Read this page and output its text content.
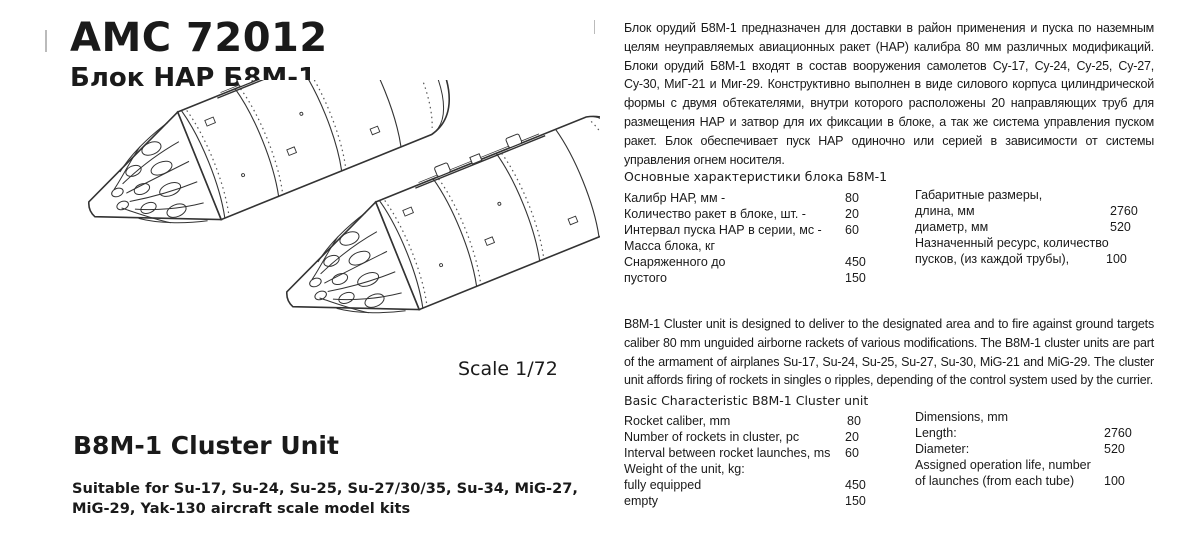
AMC 72012
Блок НАР Б8М-1
Scale 1/72
B8M-1 Cluster Unit
Suitable for Su-17, Su-24, Su-25, Su-27/30/35, Su-34, MiG-27, MiG-29, Yak-130 aircraft scale model kits
Блок орудий Б8М-1 предназначен для доставки в район применения и пуска по наземным целям неуправляемых авиационных ракет (НАР) калибра 80 мм различных модификаций. Блоки орудий Б8М-1 входят в состав вооружения самолетов Су-17, Су-24, Су-25, Су-27, Су-30, МиГ-21 и Миг-29. Конструктивно выполнен в виде силового корпуса цилиндрической формы с двумя обтекателями, внутри которого расположены 20 направляющих труб для размещения НАР и затвор для их фиксации в блоке, а так же система управления пуском ракет. Блок обеспечивает пуск НАР одиночно или серией в зависимости от системы управления огнем носителя.
Основные характеристики блока Б8М-1
Калибр НАР, мм -	80
Количество ракет в блоке, шт. -	20
Интервал пуска НАР в серии, мс - 60
Масса блока, кг
Снаряженного до	450
пустого	150
Габаритные размеры,
длина, мм	2760
диаметр, мм	520
Назначенный ресурс, количество
пусков, (из каждой трубы),	100
B8M-1 Cluster unit is designed to deliver to the designated area and to fire against ground targets caliber 80 mm unguided airborne rackets of various modifications. The B8M-1 cluster units are part of the armament of airplanes Su-17, Su-24, Su-25, Su-27, Su-30, MiG-21 and MiG-29. The cluster unit affords firing of rockets in singles o ripples, depending of the control system used by the currier.
Basic Characteristic B8M-1 Cluster unit
Rocket caliber, mm	80
Number of rockets in cluster, pc	20
Interval between rocket launches, ms 60
Weight of the unit, kg:
fully equipped	450
empty	150
Dimensions, mm
Length:	2760
Diameter:	520
Assigned operation life, number
of launches (from each tube) 100
